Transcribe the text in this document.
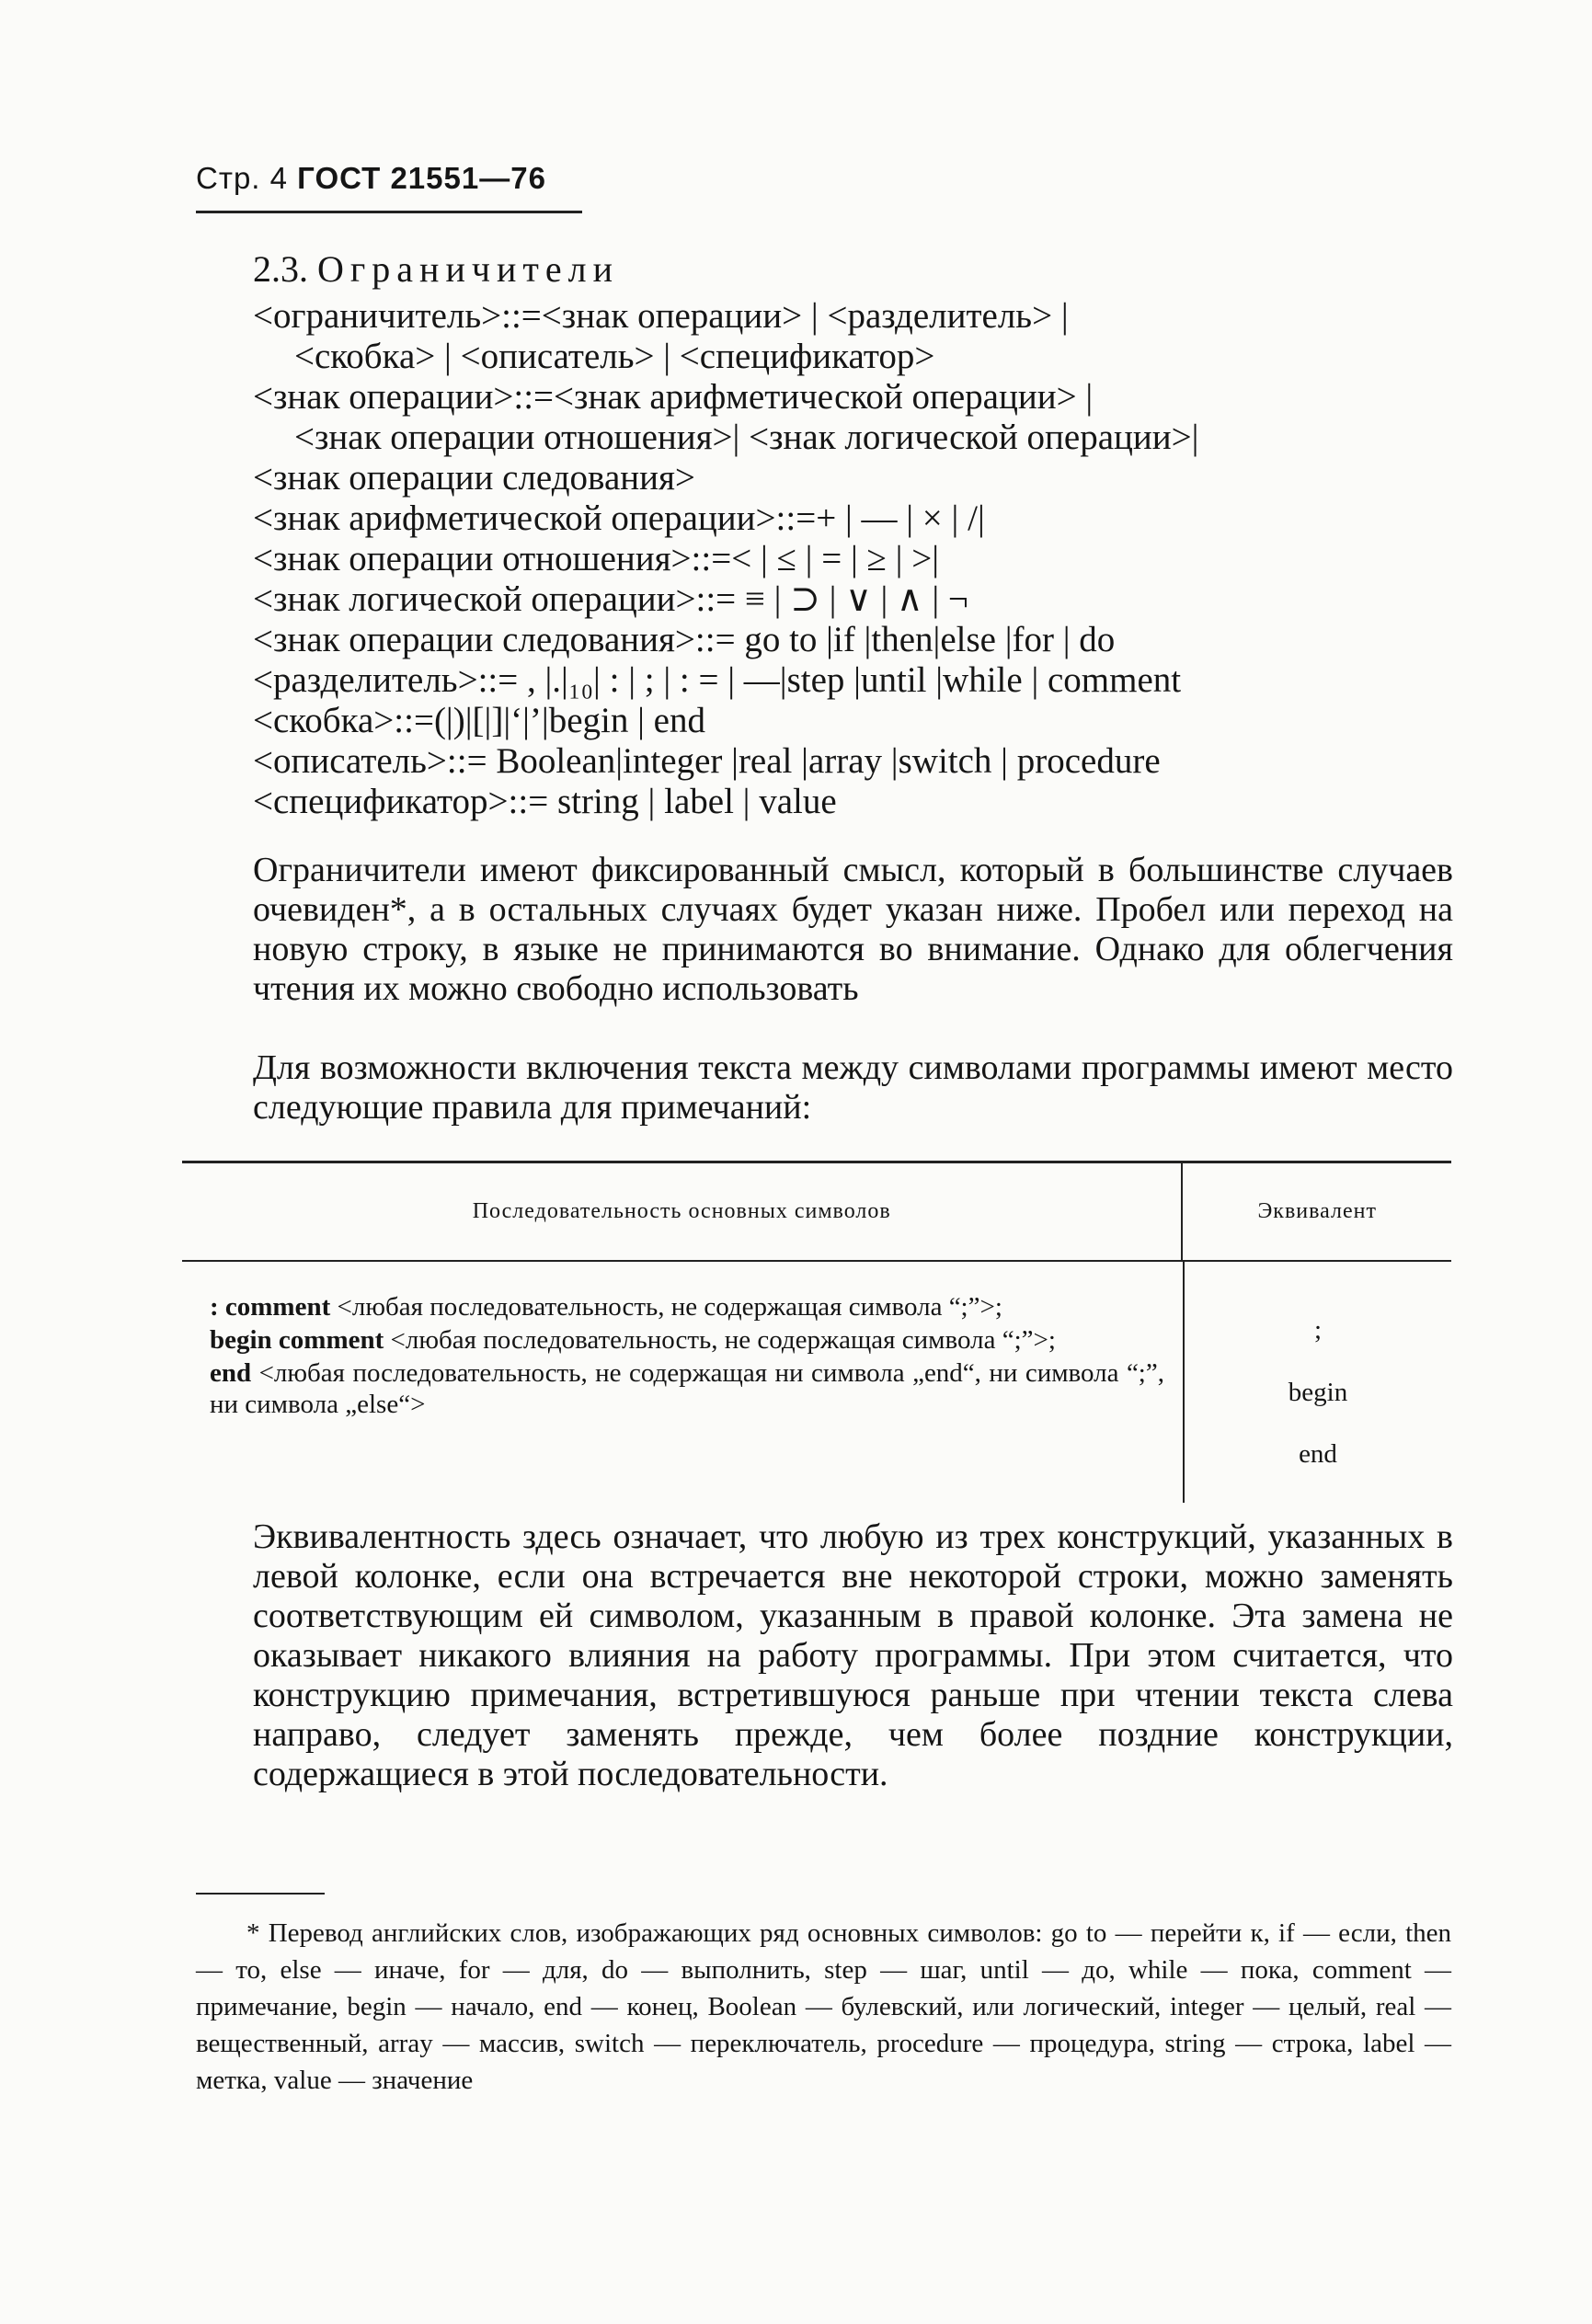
Стр. 4 ГОСТ 21551—76
2.3. Ограничители
<ограничитель>::=<знак операции> | <разделитель> |
<скобка> | <описатель> | <спецификатор>
<знак операции>::=<знак арифметической операции> |
<знак операции отношения>| <знак логической операции>|
<знак операции следования>
<знак арифметической операции>::=+ | — | × | /|
<знак операции отношения>::=< | ≤ | = | ≥ | >|
<знак логической операции>::= ≡ | ⊃ | ∨ | ∧ | ¬
<знак операции следования>::= go to |if |then|else |for | do
<разделитель>::= , |.|₁₀| : | ; | : = | —|step |until |while | comment
<скобка>::=(|)|[|]|‘|’|begin | end
<описатель>::= Boolean|integer |real |array |switch | procedure
<спецификатор>::= string | label | value

Ограничители имеют фиксированный смысл, который в большинстве случаев очевиден*, а в остальных случаях будет указан ниже. Пробел или переход на новую строку, в языке не принимаются во внимание. Однако для облегчения чтения их можно свободно использовать

Для возможности включения текста между символами программы имеют место следующие правила для примечаний:

Последовательность основных символов	Эквивалент
: comment <любая последовательность, не содержащая символа “;”>;
begin comment <любая последовательность, не содержащая символа “;”>;
end <любая последовательность, не содержащая ни символа „end“, ни символа “;”, ни символа „else“>
;
begin
end

Эквивалентность здесь означает, что любую из трех конструкций, указанных в левой колонке, если она встречается вне некоторой строки, можно заменять соответствующим ей символом, указанным в правой колонке. Эта замена не оказывает никакого влияния на работу программы. При этом считается, что конструкцию примечания, встретившуюся раньше при чтении текста слева направо, следует заменять прежде, чем более поздние конструкции, содержащиеся в этой последовательности.

* Перевод английских слов, изображающих ряд основных символов: go to — перейти к, if — если, then — то, else — иначе, for — для, do — выполнить, step — шаг, until — до, while — пока, comment — примечание, begin — начало, end — конец, Boolean — булевский, или логический, integer — целый, real — вещественный, array — массив, switch — переключатель, procedure — процедура, string — строка, label — метка, value — значение
